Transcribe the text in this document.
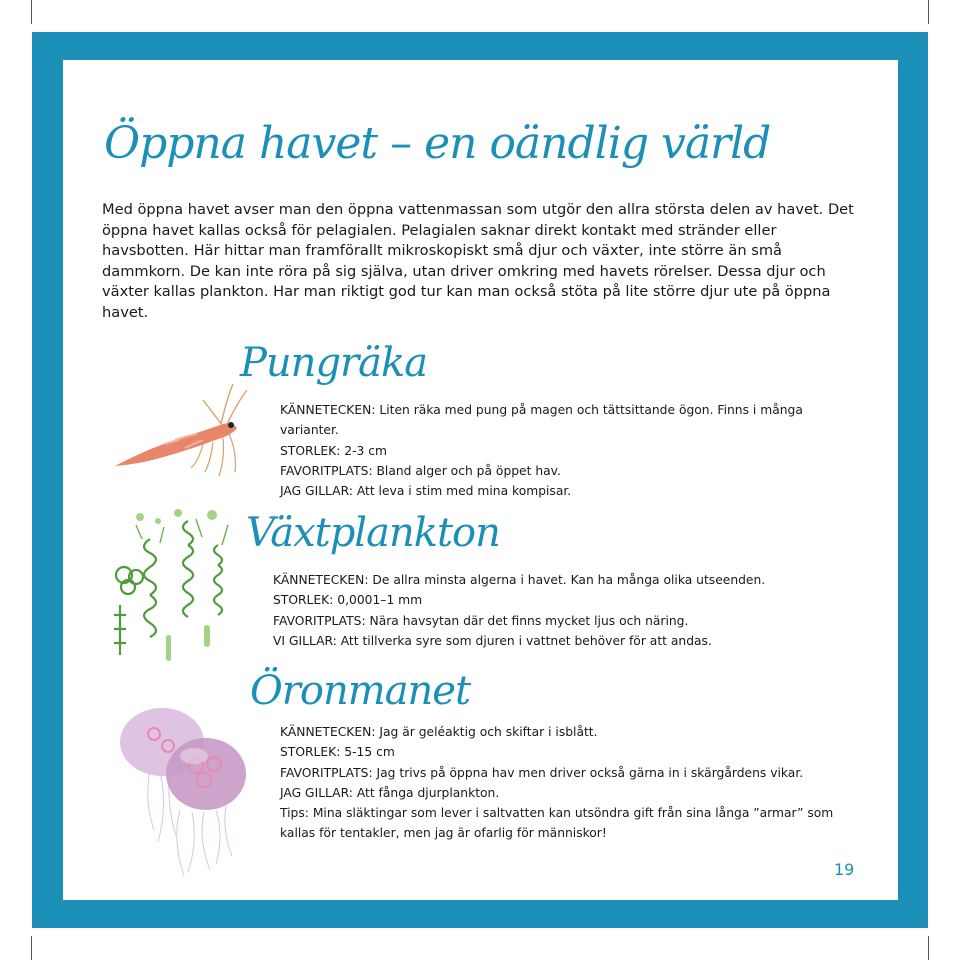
Öppna havet – en oändlig värld

Med öppna havet avser man den öppna vattenmassan som utgör den allra största delen av havet. Det öppna havet kallas också för pelagialen. Pelagialen saknar direkt kontakt med stränder eller havsbotten. Här hittar man framförallt mikroskopiskt små djur och växter, inte större än små dammkorn. De kan inte röra på sig själva, utan driver omkring med havets rörelser. Dessa djur och växter kallas plankton. Har man riktigt god tur kan man också stöta på lite större djur ute på öppna havet.

Pungräka

KÄNNETECKEN: Liten räka med pung på magen och tättsittande ögon. Finns i många varianter.

STORLEK: 2-3 cm

FAVORITPLATS: Bland alger och på öppet hav.

JAG GILLAR: Att leva i stim med mina kompisar.

Växtplankton

KÄNNETECKEN: De allra minsta algerna i havet. Kan ha många olika utseenden.

STORLEK: 0,0001–1 mm

FAVORITPLATS: Nära havsytan där det finns mycket ljus och näring.

VI GILLAR: Att tillverka syre som djuren i vattnet behöver för att andas.

Öronmanet

KÄNNETECKEN: Jag är geléaktig och skiftar i isblått.

STORLEK: 5-15 cm

FAVORITPLATS: Jag trivs på öppna hav men driver också gärna in i skärgårdens vikar.

JAG GILLAR: Att fånga djurplankton.

Tips: Mina släktingar som lever i saltvatten kan utsöndra gift från sina långa ”armar” som kallas för tentakler, men jag är ofarlig för människor!

19
